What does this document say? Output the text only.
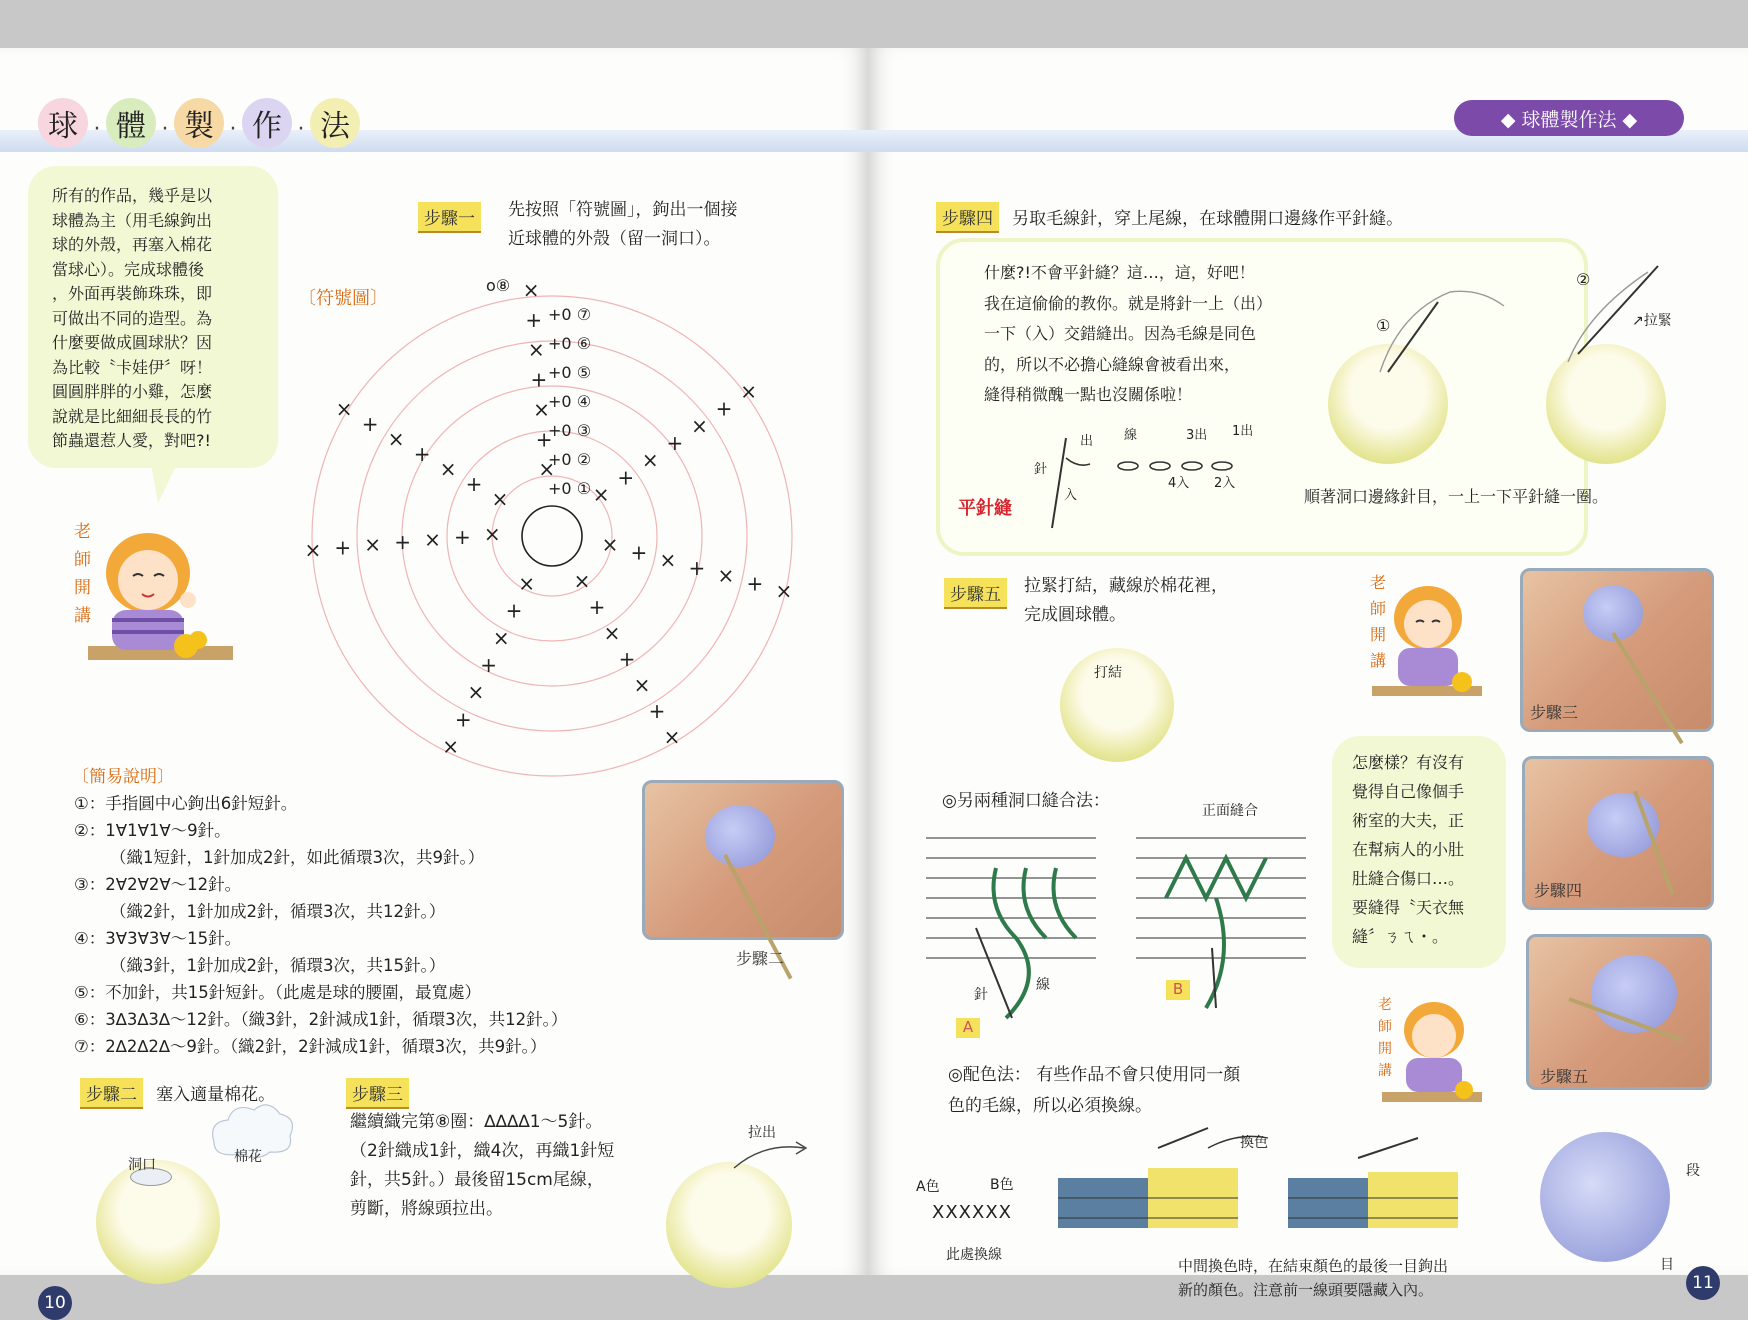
球 · 體 · 製 · 作 · 法
所有的作品，幾乎是以
球體為主（用毛線鉤出
球的外殼，再塞入棉花
當球心）。完成球體後
，外面再裝飾珠珠，即
可做出不同的造型。為
什麼要做成圓球狀？因
為比較〝卡娃伊〞呀！
圓圓胖胖的小雞，怎麼
說就是比細細長長的竹
節蟲還惹人愛，對吧?!
老
師
開
講
步驟一	先按照「符號圖」，鉤出一個接
近球體的外殼（留一洞口）。
〔符號圖〕
×
+
×
+
×
+
×
×
+
×
+
×
+
×
×
+
×
+
×
+
×
× + × + × + ×
×
+
×
+
×
+
×
×
+
×
+
×
+
×
×
+
×
+
×
+
×
+0 ⑦
+0 ⑥
+0 ⑤
+0 ④
+0 ③
+0 ②
+0 ①
o⑧
〔簡易說明〕
①：手指圓中心鉤出6針短針。
②：1∀1∀1∀～9針。
（織1短針，1針加成2針，如此循環3次，共9針。）
③：2∀2∀2∀～12針。
（織2針，1針加成2針，循環3次，共12針。）
④：3∀3∀3∀～15針。
（織3針，1針加成2針，循環3次，共15針。）
⑤：不加針，共15針短針。（此處是球的腰圍，最寬處）
⑥：3∆3∆3∆～12針。（織3針，2針減成1針，循環3次，共12針。）
⑦：2∆2∆2∆～9針。（織2針，2針減成1針，循環3次，共9針。）
步驟二
步驟二 塞入適量棉花。
洞口	棉花
步驟三
繼續織完第⑧圈：∆∆∆∆1～5針。
（2針織成1針，織4次，再織1針短
針，共5針。）最後留15cm尾線，
剪斷，將線頭拉出。
拉出
10
◆ 球體製作法 ◆
步驟四 另取毛線針，穿上尾線，在球體開口邊緣作平針縫。
什麼?!不會平針縫？這…，這，好吧！
我在這偷偷的教你。就是將針一上（出）
一下（入）交錯縫出。因為毛線是同色
的，所以不必擔心縫線會被看出來，
縫得稍微醜一點也沒關係啦！
平針縫
針
出 線
入
3出 1出
4入 2入
①
②
↗拉緊
順著洞口邊緣針目，一上一下平針縫一圈。
步驟五	拉緊打結，藏線於棉花裡，
完成圓球體。
打結
老
師
開
講
步驟三
步驟四
步驟五
怎麼樣？有沒有
覺得自己像個手
術室的大夫，正
在幫病人的小肚
肚縫合傷口…。
要縫得〝天衣無
縫〞ㄋㄟ・。
老
師
開
講
◎另兩種洞口縫合法：	正面縫合
針
線
A
B
◎配色法： 有些作品不會只使用同一顏
色的毛線，所以必須換線。
A色	B色
XXXXXX
此處換線
換色
中間換色時，在結束顏色的最後一目鉤出
新的顏色。注意前一線頭要隱藏入內。
段
目
11
